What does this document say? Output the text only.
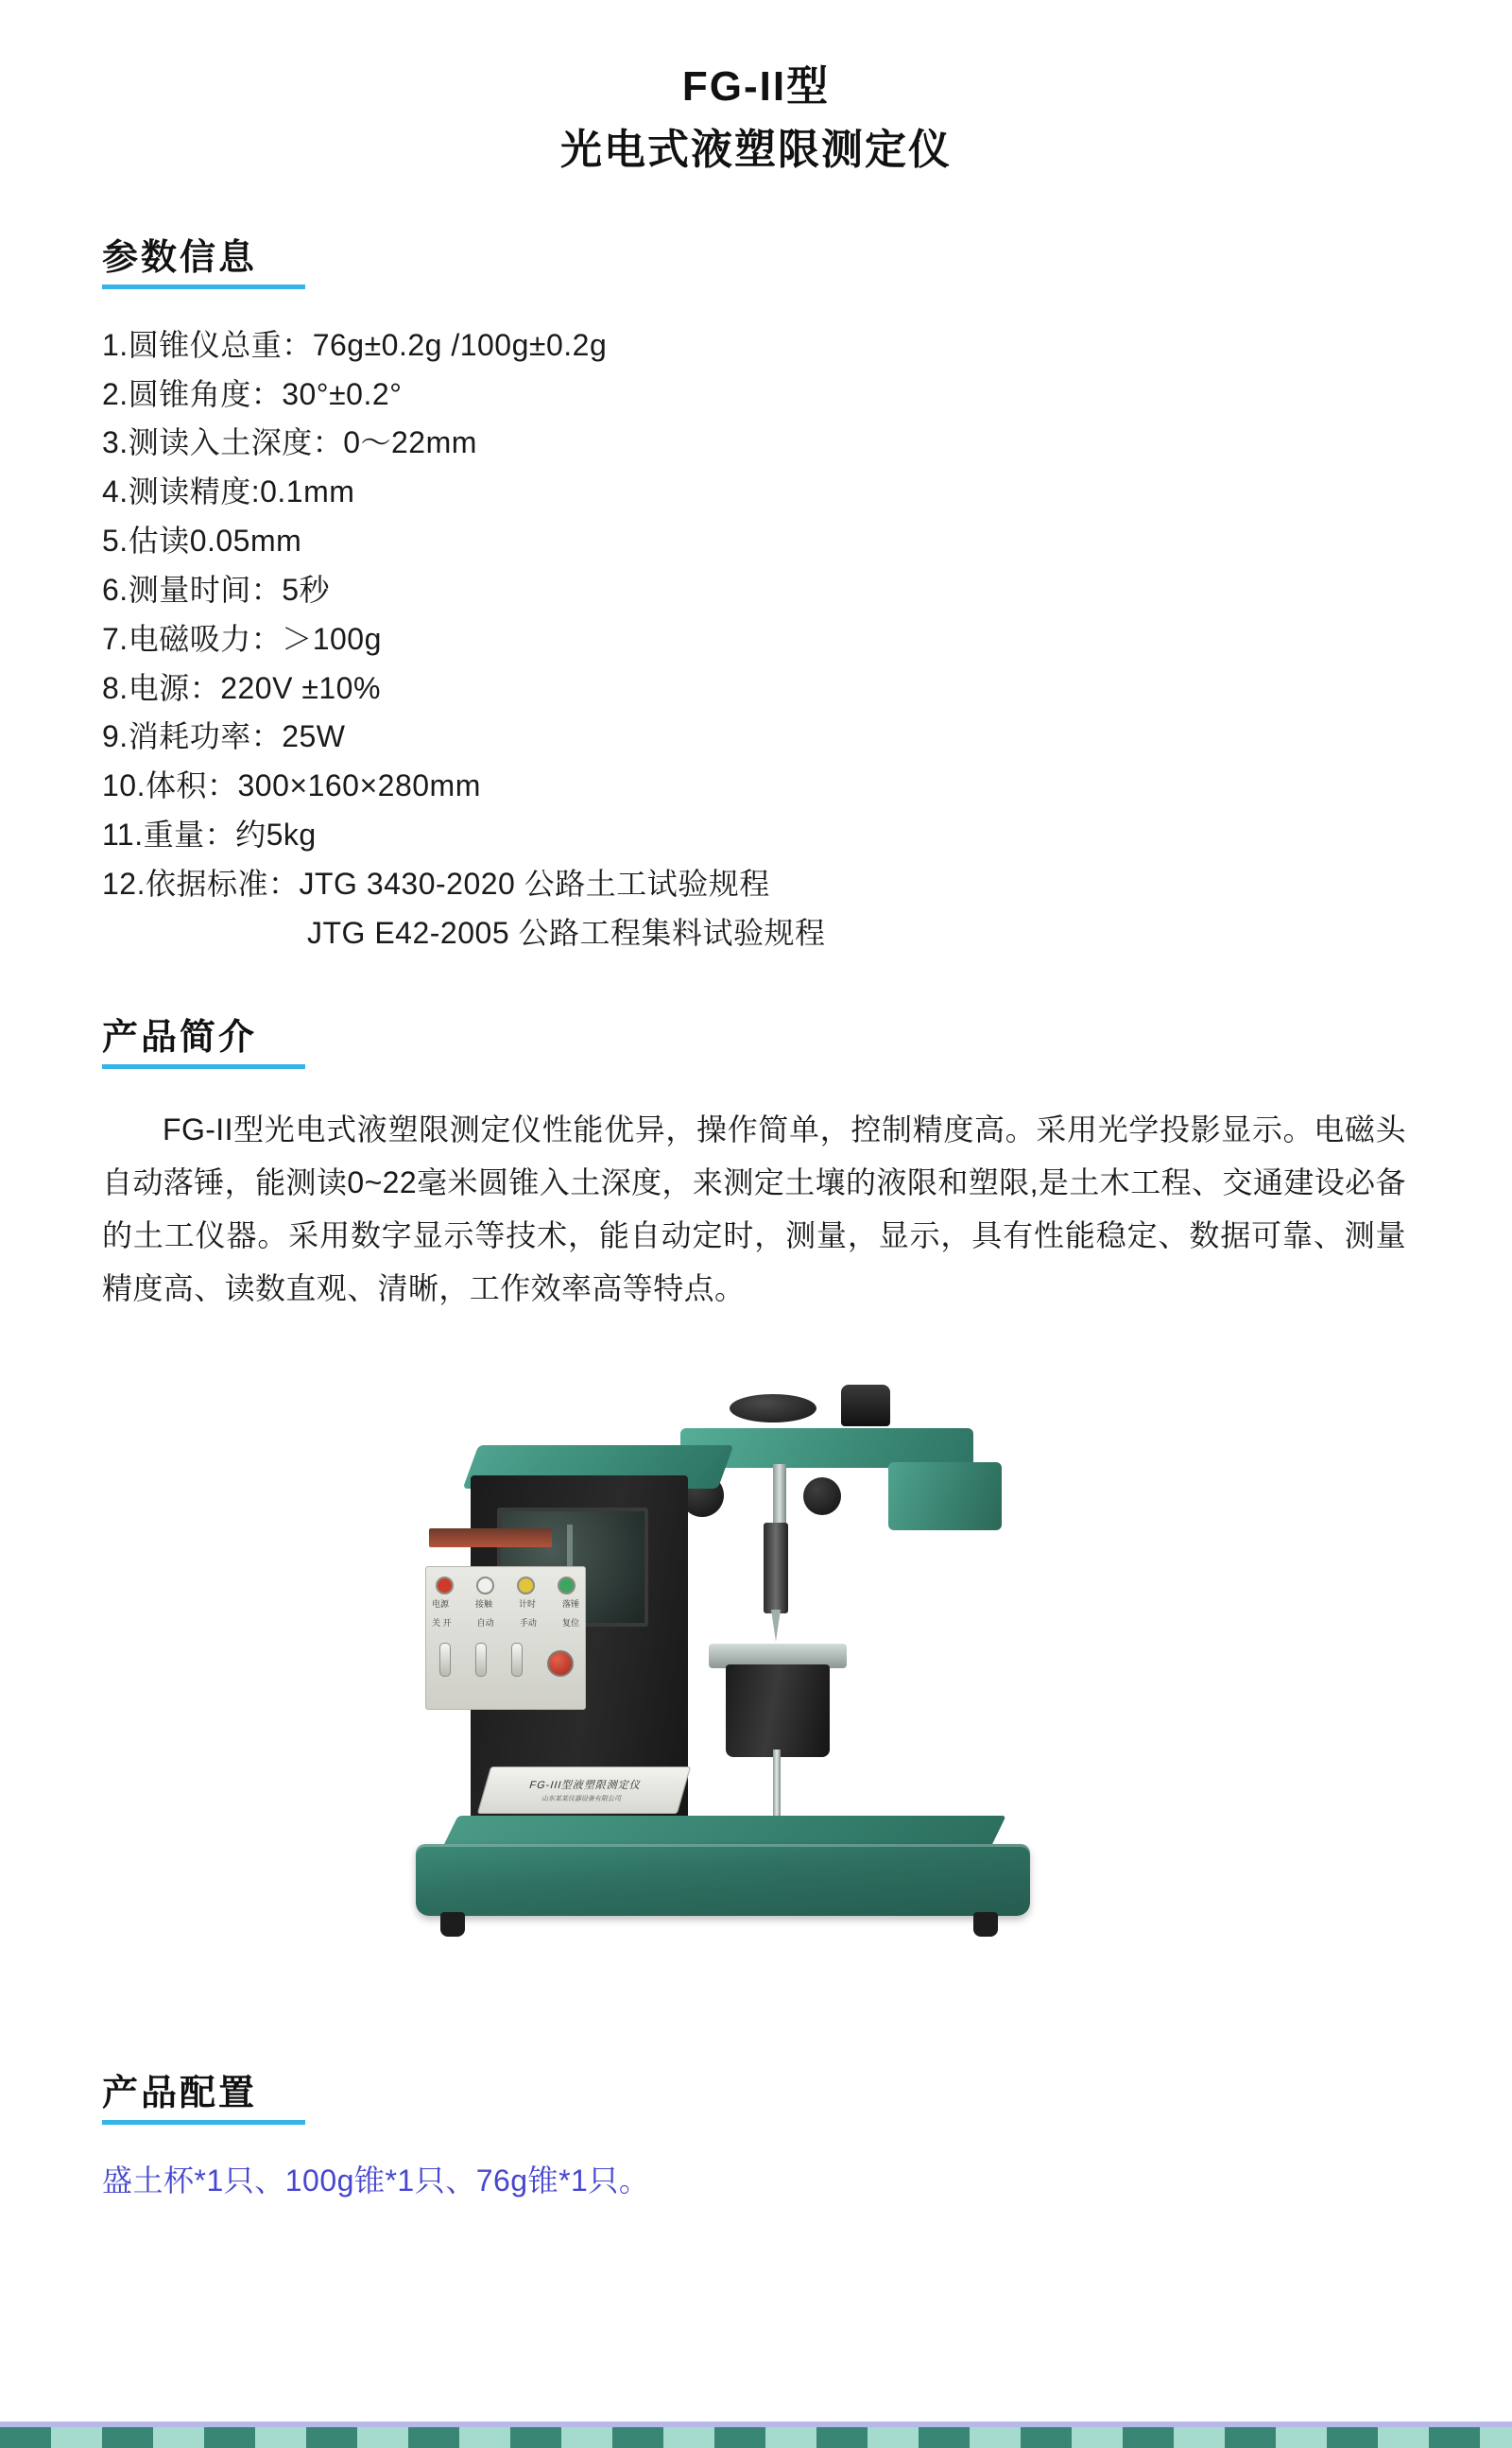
FG-II型
光电式液塑限测定仪
参数信息
1.圆锥仪总重：76g±0.2g /100g±0.2g
2.圆锥角度：30°±0.2°
3.测读入土深度：0～22mm
4.测读精度:0.1mm
5.估读0.05mm
6.测量时间：5秒
7.电磁吸力：＞100g
8.电源：220V ±10%
9.消耗功率：25W
10.体积：300×160×280mm
11.重量：约5kg
12.依据标准：JTG 3430-2020 公路土工试验规程
JTG E42-2005 公路工程集料试验规程
产品简介

FG-II型光电式液塑限测定仪性能优异，操作简单，控制精度高。采用光学投影显示。电磁头自动落锤，能测读0~22毫米圆锥入土深度，来测定土壤的液限和塑限,是土木工程、交通建设必备的土工仪器。采用数字显示等技术，能自动定时，测量，显示，具有性能稳定、数据可靠、测量精度高、读数直观、清晰，工作效率高等特点。

电源	接触	计时	落锤
关 开	自动	手动	复位
FG-III型液塑限测定仪
山东某某仪器设备有限公司
产品配置
盛土杯*1只、100g锥*1只、76g锥*1只。
